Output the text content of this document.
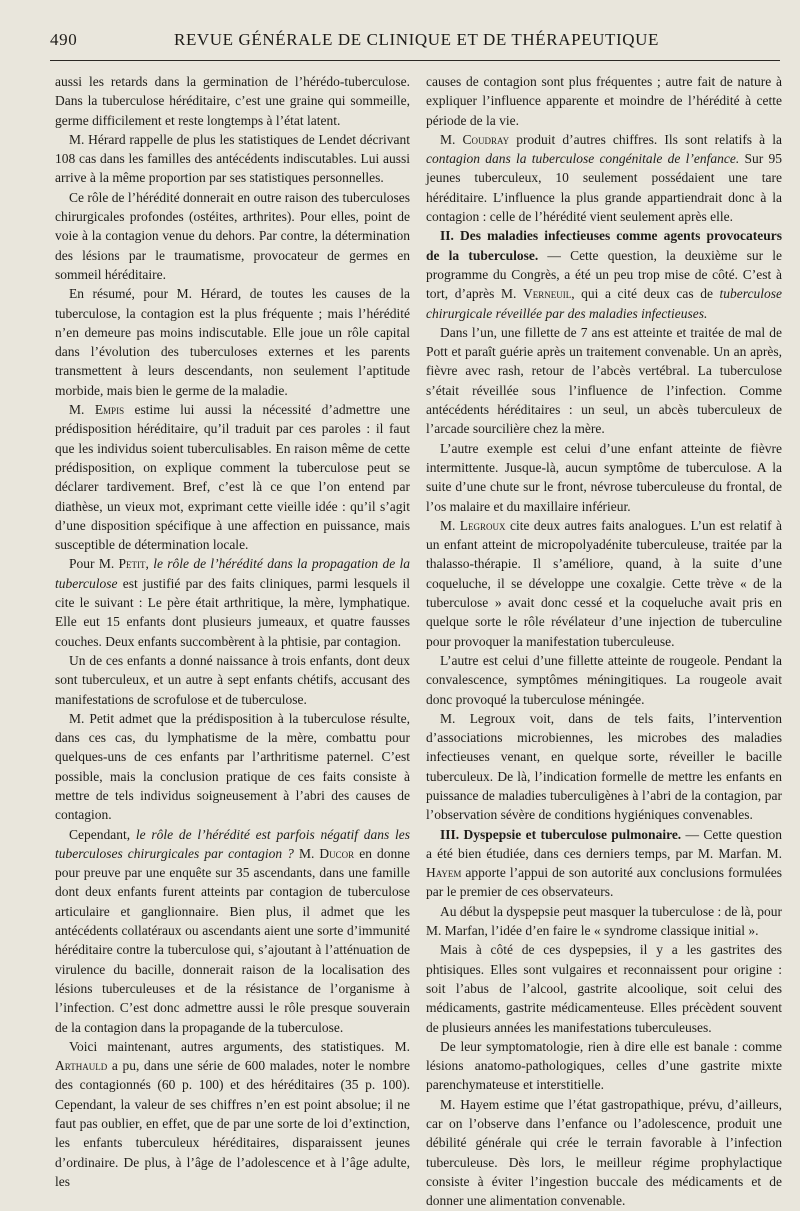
490	REVUE GÉNÉRALE DE CLINIQUE ET DE THÉRAPEUTIQUE

aussi les retards dans la germination de l’hérédo-tuberculose. Dans la tuberculose héréditaire, c’est une graine qui sommeille, germe difficilement et reste longtemps à l’état latent.

M. Hérard rappelle de plus les statistiques de Lendet décrivant 108 cas dans les familles des antécédents indiscutables. Lui aussi arrive à la même proportion par ses statistiques personnelles.

Ce rôle de l’hérédité donnerait en outre raison des tuberculoses chirurgicales profondes (ostéites, arthrites). Pour elles, point de voie à la contagion venue du dehors. Par contre, la détermination des lésions par le traumatisme, provocateur de germes en sommeil héréditaire.

En résumé, pour M. Hérard, de toutes les causes de la tuberculose, la contagion est la plus fréquente ; mais l’hérédité n’en demeure pas moins indiscutable. Elle joue un rôle capital dans l’évolution des tuberculoses externes et les parents transmettent à leurs descendants, non seulement l’aptitude morbide, mais bien le germe de la maladie.

M. Empis estime lui aussi la nécessité d’admettre une prédisposition héréditaire, qu’il traduit par ces paroles : il faut que les individus soient tuberculisables. En raison même de cette prédisposition, on explique comment la tuberculose peut se déclarer tardivement. Bref, c’est là ce que l’on entend par diathèse, un vieux mot, exprimant cette vieille idée : qu’il s’agit d’une disposition spécifique à une affection en puissance, mais susceptible de détermination locale.

Pour M. Petit, le rôle de l’hérédité dans la propagation de la tuberculose est justifié par des faits cliniques, parmi lesquels il cite le suivant : Le père était arthritique, la mère, lymphatique. Elle eut 15 enfants dont plusieurs jumeaux, et quatre fausses couches. Deux enfants succombèrent à la phtisie, par contagion.

Un de ces enfants a donné naissance à trois enfants, dont deux sont tuberculeux, et un autre à sept enfants chétifs, accusant des manifestations de scrofulose et de tuberculose.

M. Petit admet que la prédisposition à la tuberculose résulte, dans ces cas, du lymphatisme de la mère, combattu pour quelques-uns de ces enfants par l’arthritisme paternel. C’est possible, mais la conclusion pratique de ces faits consiste à mettre de tels individus soigneusement à l’abri des causes de contagion.

Cependant, le rôle de l’hérédité est parfois négatif dans les tuberculoses chirurgicales par contagion ? M. Ducor en donne pour preuve par une enquête sur 35 ascendants, dans une famille dont deux enfants furent atteints par contagion de tuberculose articulaire et ganglionnaire. Bien plus, il admet que les antécédents collatéraux ou ascendants aient une sorte d’immunité héréditaire contre la tuberculose qui, s’ajoutant à l’atténuation de virulence du bacille, donnerait raison de la localisation des lésions tuberculeuses et de la résistance de l’organisme à l’infection. C’est donc admettre aussi le rôle presque souverain de la contagion dans la propagande de la tuberculose.

Voici maintenant, autres arguments, des statistiques. M. Arthauld a pu, dans une série de 600 malades, noter le nombre des contagionnés (60 p. 100) et des héréditaires (35 p. 100). Cependant, la valeur de ses chiffres n’en est point absolue; il ne faut pas oublier, en effet, que de par une sorte de loi d’extinction, les enfants tuberculeux héréditaires, disparaissent jeunes d’ordinaire. De plus, à l’âge de l’adolescence et à l’âge adulte, les

causes de contagion sont plus fréquentes ; autre fait de nature à expliquer l’influence apparente et moindre de l’hérédité à cette période de la vie.

M. Coudray produit d’autres chiffres. Ils sont relatifs à la contagion dans la tuberculose congénitale de l’enfance. Sur 95 jeunes tuberculeux, 10 seulement possédaient une tare héréditaire. L’influence la plus grande appartiendrait donc à la contagion : celle de l’hérédité vient seulement après elle.

II. Des maladies infectieuses comme agents provocateurs de la tuberculose. — Cette question, la deuxième sur le programme du Congrès, a été un peu trop mise de côté. C’est à tort, d’après M. Verneuil, qui a cité deux cas de tuberculose chirurgicale réveillée par des maladies infectieuses.

Dans l’un, une fillette de 7 ans est atteinte et traitée de mal de Pott et paraît guérie après un traitement convenable. Un an après, fièvre avec rash, retour de l’abcès vertébral. La tuberculose s’était réveillée sous l’influence de l’infection. Comme antécédents héréditaires : un seul, un abcès tuberculeux de l’arcade sourcilière chez la mère.

L’autre exemple est celui d’une enfant atteinte de fièvre intermittente. Jusque-là, aucun symptôme de tuberculose. A la suite d’une chute sur le front, névrose tuberculeuse du frontal, de l’os malaire et du maxillaire inférieur.

M. Legroux cite deux autres faits analogues. L’un est relatif à un enfant atteint de micropolyadénite tuberculeuse, traitée par la thalasso-thérapie. Il s’améliore, quand, à la suite d’une coqueluche, il se développe une coxalgie. Cette trève « de la tuberculose » avait donc cessé et la coqueluche avait pris en quelque sorte le rôle révélateur d’une injection de tuberculine pour provoquer la manifestation tuberculeuse.

L’autre est celui d’une fillette atteinte de rougeole. Pendant la convalescence, symptômes méningitiques. La rougeole avait donc provoqué la tuberculose méningée.

M. Legroux voit, dans de tels faits, l’intervention d’associations microbiennes, les microbes des maladies infectieuses venant, en quelque sorte, réveiller le bacille tuberculeux. De là, l’indication formelle de mettre les enfants en puissance de maladies tuberculigènes à l’abri de la contagion, par l’observation sévère de conditions hygiéniques convenables.

III. Dyspepsie et tuberculose pulmonaire. — Cette question a été bien étudiée, dans ces derniers temps, par M. Marfan. M. Hayem apporte l’appui de son autorité aux conclusions formulées par le premier de ces observateurs.

Au début la dyspepsie peut masquer la tuberculose : de là, pour M. Marfan, l’idée d’en faire le « syndrome classique initial ».

Mais à côté de ces dyspepsies, il y a les gastrites des phtisiques. Elles sont vulgaires et reconnaissent pour origine : soit l’abus de l’alcool, gastrite alcoolique, soit celui des médicaments, gastrite médicamenteuse. Elles précèdent souvent de plusieurs années les manifestations tuberculeuses.

De leur symptomatologie, rien à dire elle est banale : comme lésions anatomo-pathologiques, celles d’une gastrite mixte parenchymateuse et interstitielle.

M. Hayem estime que l’état gastropathique, prévu, d’ailleurs, car on l’observe dans l’enfance ou l’adolescence, produit une débilité générale qui crée le terrain favorable à l’infection tuberculeuse. Dès lors, le meilleur régime prophylactique consiste à éviter l’ingestion buccale des médicaments et de donner une alimentation convenable.
